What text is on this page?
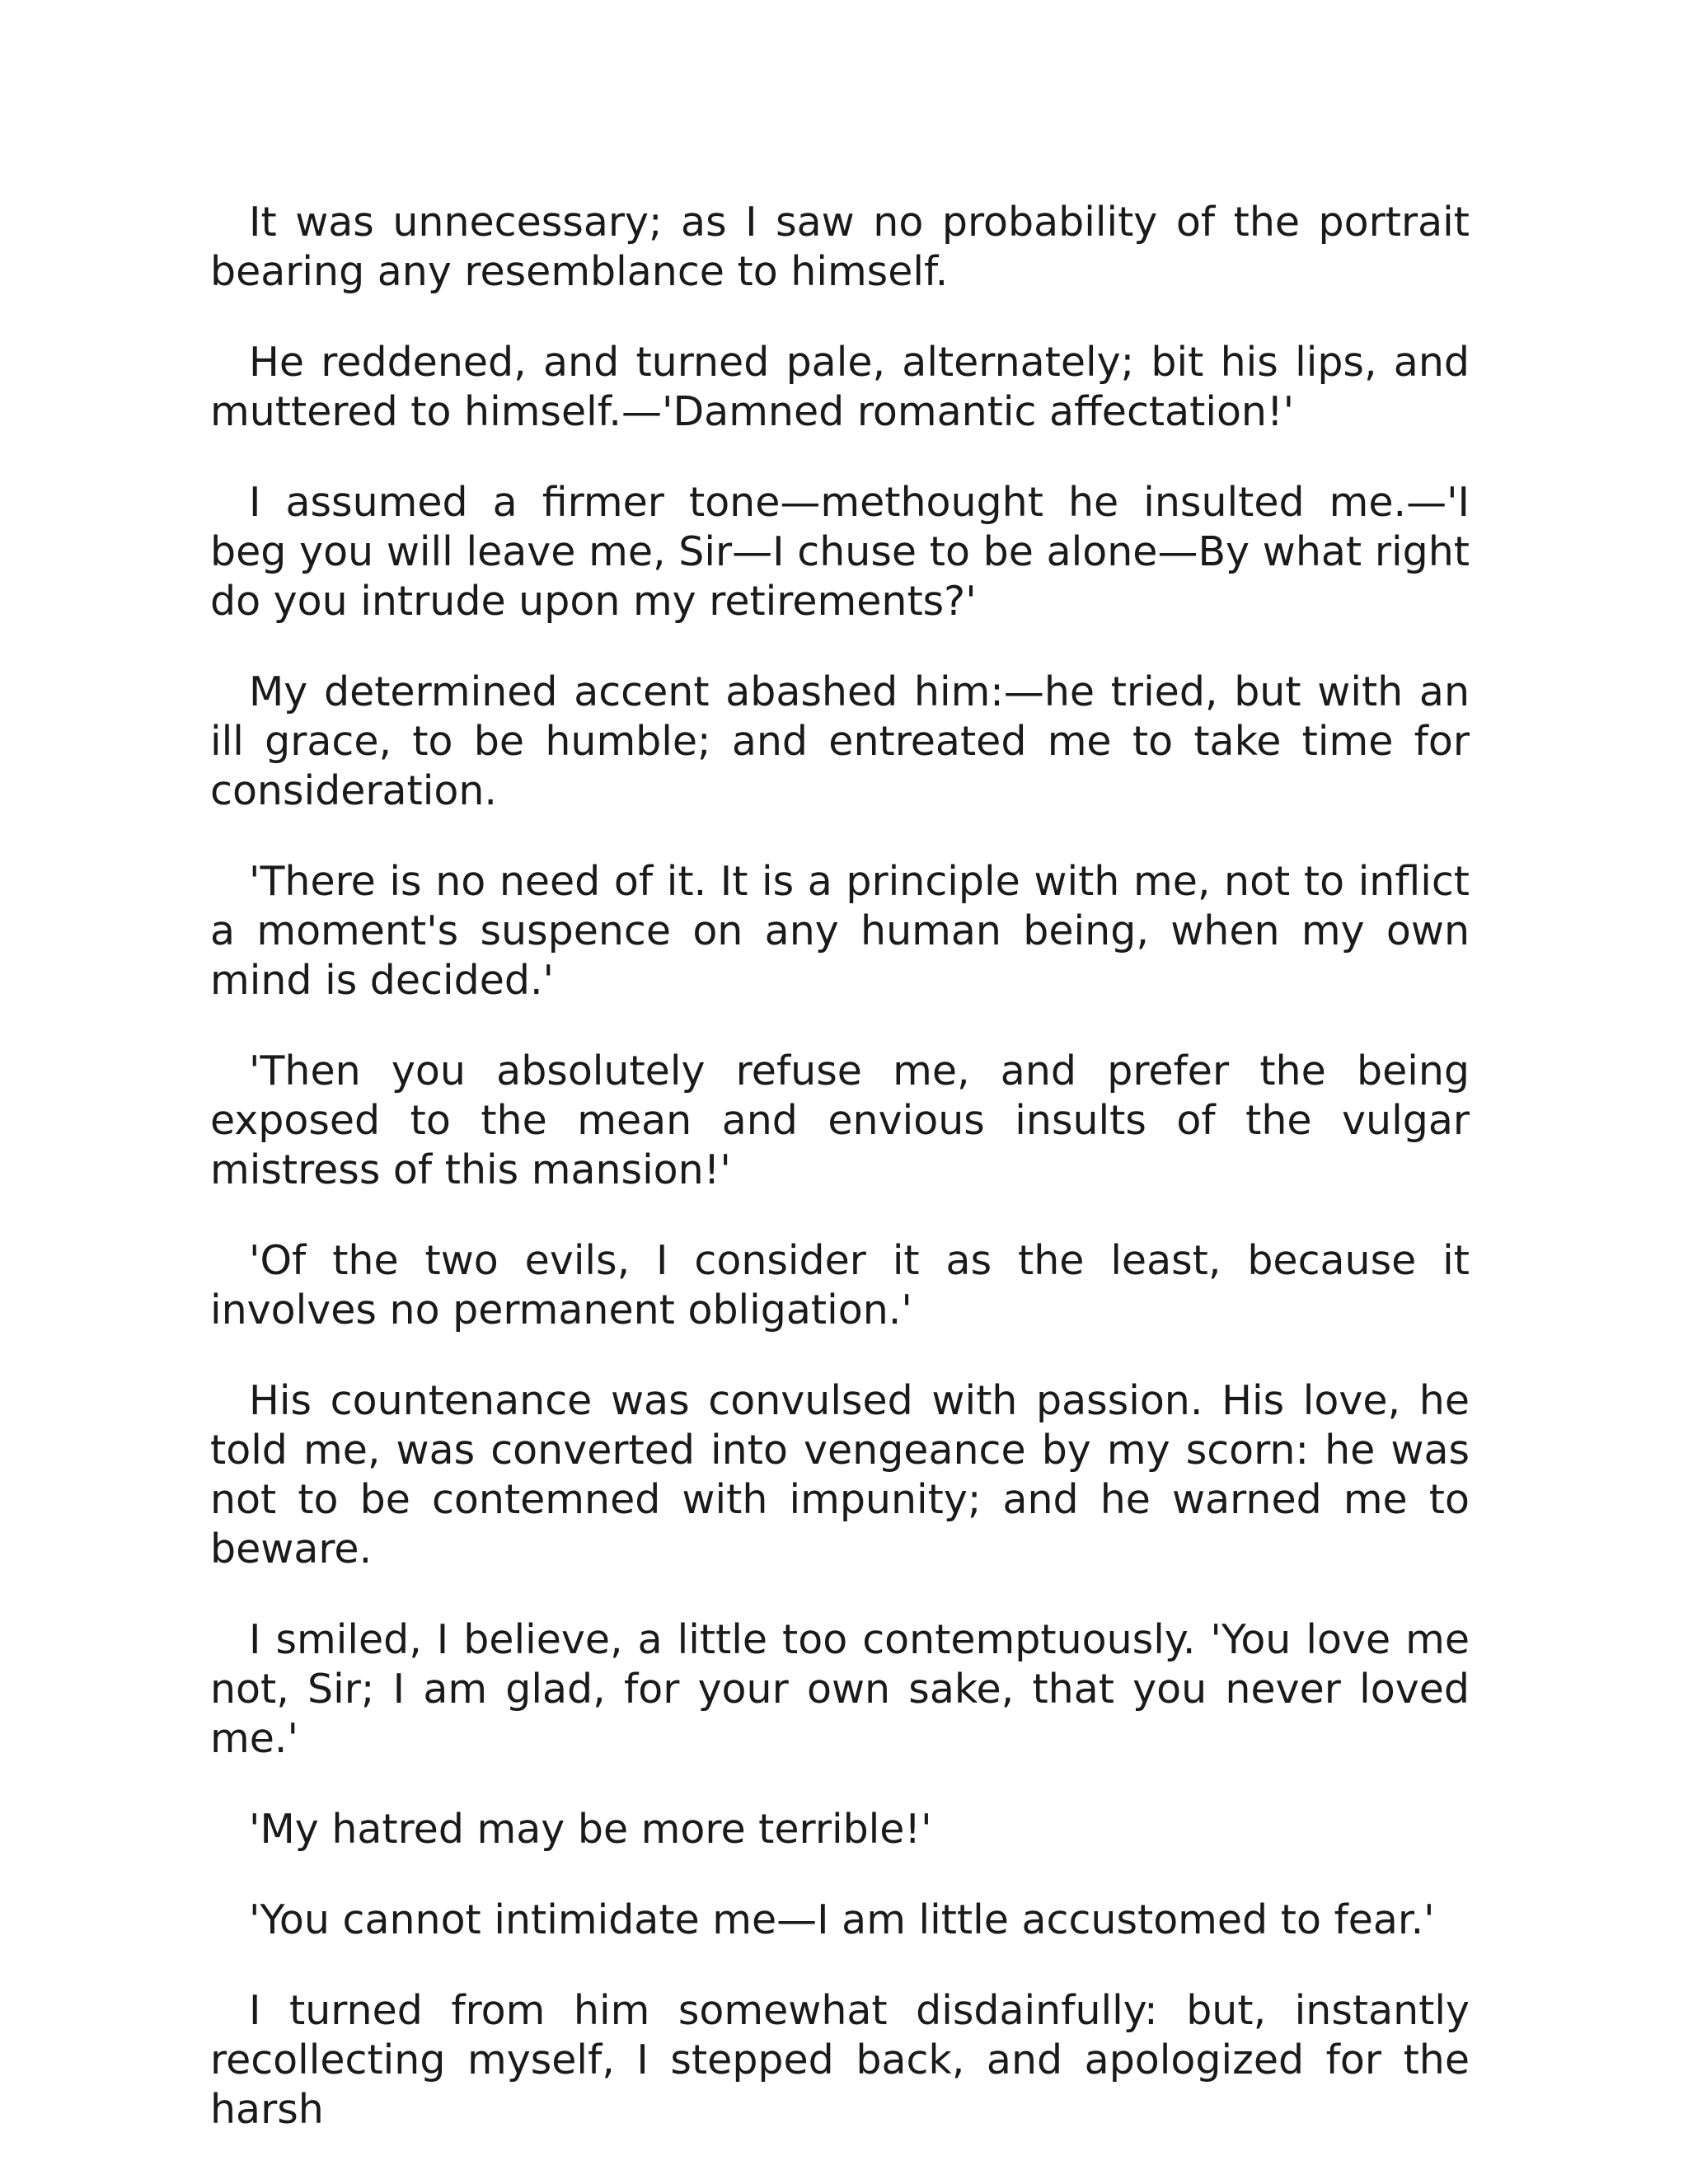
It was unnecessary; as I saw no probability of the portrait bearing any resemblance to himself.

He reddened, and turned pale, alternately; bit his lips, and muttered to himself.—'Damned romantic affectation!'

I assumed a firmer tone—methought he insulted me.—'I beg you will leave me, Sir—I chuse to be alone—By what right do you intrude upon my retirements?'

My determined accent abashed him:—he tried, but with an ill grace, to be humble; and entreated me to take time for consideration.

'There is no need of it. It is a principle with me, not to inflict a moment's suspence on any human being, when my own mind is decided.'

'Then you absolutely refuse me, and prefer the being exposed to the mean and envious insults of the vulgar mistress of this mansion!'

'Of the two evils, I consider it as the least, because it involves no permanent obligation.'

His countenance was convulsed with passion. His love, he told me, was converted into vengeance by my scorn: he was not to be contemned with impunity; and he warned me to beware.

I smiled, I believe, a little too contemptuously. 'You love me not, Sir; I am glad, for your own sake, that you never loved me.'

'My hatred may be more terrible!'

'You cannot intimidate me—I am little accustomed to fear.'

I turned from him somewhat disdainfully: but, instantly recollecting myself, I stepped back, and apologized for the harsh
